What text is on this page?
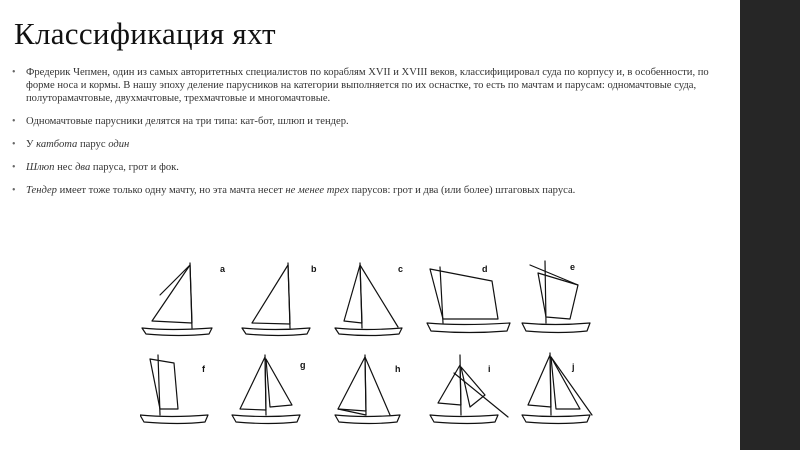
Классификация яхт
• Фредерик Чепмен, один из самых авторитетных специалистов по кораблям XVII и XVIII веков, классифицировал суда по корпусу и, в особенности, по форме носа и кормы. В нашу эпоху деление парусников на категории выполняется по их оснастке, то есть по мачтам и парусам: одномачтовые суда, полуторамачтовые, двухмачтовые, трехмачтовые и многомачтовые.
• Одномачтовые парусники делятся на три типа: кат-бот, шлюп и тендер.
• У катбота парус один
• Шлюп нес два паруса, грот и фок.
• Тендер имеет тоже только одну мачту, но эта мачта несет не менее трех парусов: грот и два (или более) штаговых паруса.
a	b	c	d	e
f	g	h	i	j
